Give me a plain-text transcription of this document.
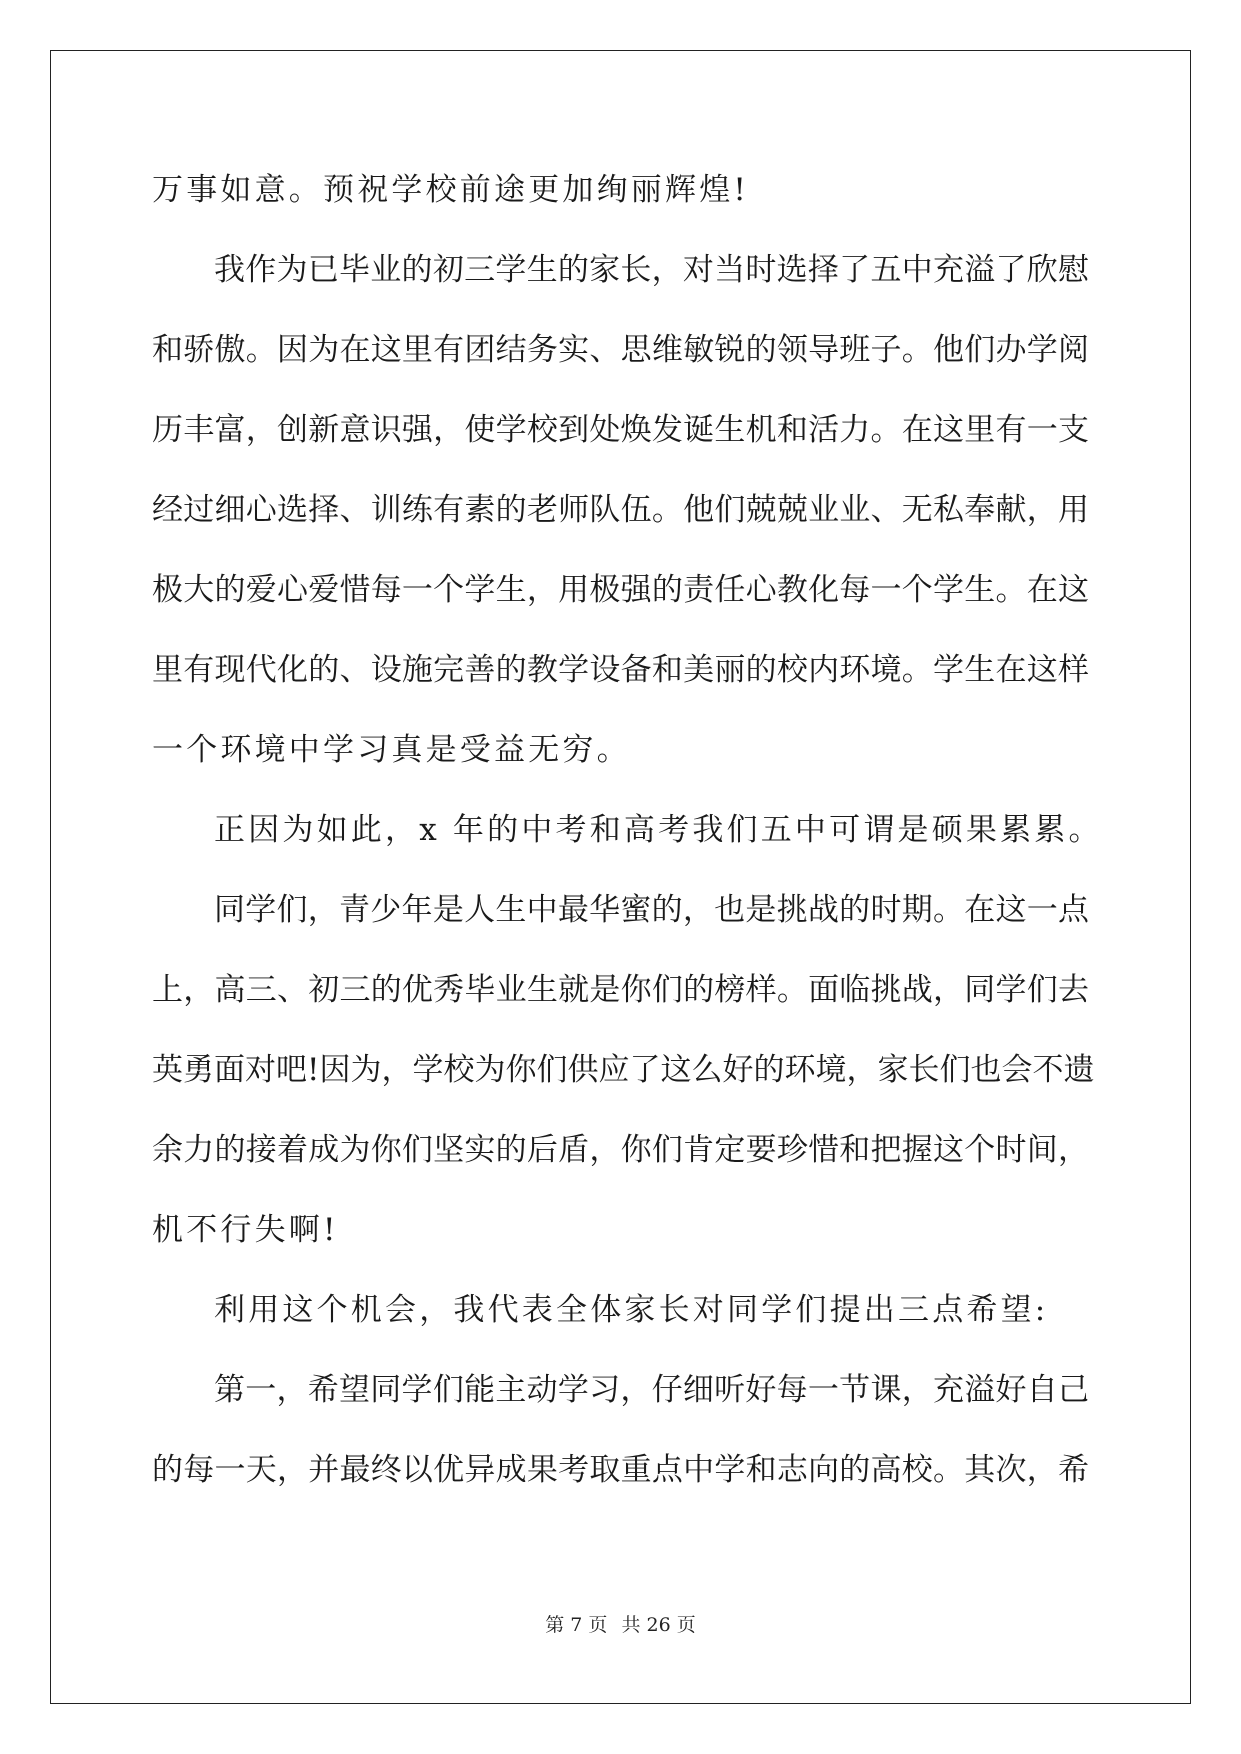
万事如意。预祝学校前途更加绚丽辉煌!
我作为已毕业的初三学生的家长，对当时选择了五中充溢了欣慰
和骄傲。因为在这里有团结务实、思维敏锐的领导班子。他们办学阅
历丰富，创新意识强，使学校到处焕发诞生机和活力。在这里有一支
经过细心选择、训练有素的老师队伍。他们兢兢业业、无私奉献，用
极大的爱心爱惜每一个学生，用极强的责任心教化每一个学生。在这
里有现代化的、设施完善的教学设备和美丽的校内环境。学生在这样
一个环境中学习真是受益无穷。
正因为如此，x 年的中考和高考我们五中可谓是硕果累累。
同学们，青少年是人生中最华蜜的，也是挑战的时期。在这一点
上，高三、初三的优秀毕业生就是你们的榜样。面临挑战，同学们去
英勇面对吧!因为，学校为你们供应了这么好的环境，家长们也会不遗
余力的接着成为你们坚实的后盾，你们肯定要珍惜和把握这个时间，
机不行失啊!
利用这个机会，我代表全体家长对同学们提出三点希望:
第一，希望同学们能主动学习，仔细听好每一节课，充溢好自己
的每一天，并最终以优异成果考取重点中学和志向的高校。其次，希
第 7 页 共 26 页
